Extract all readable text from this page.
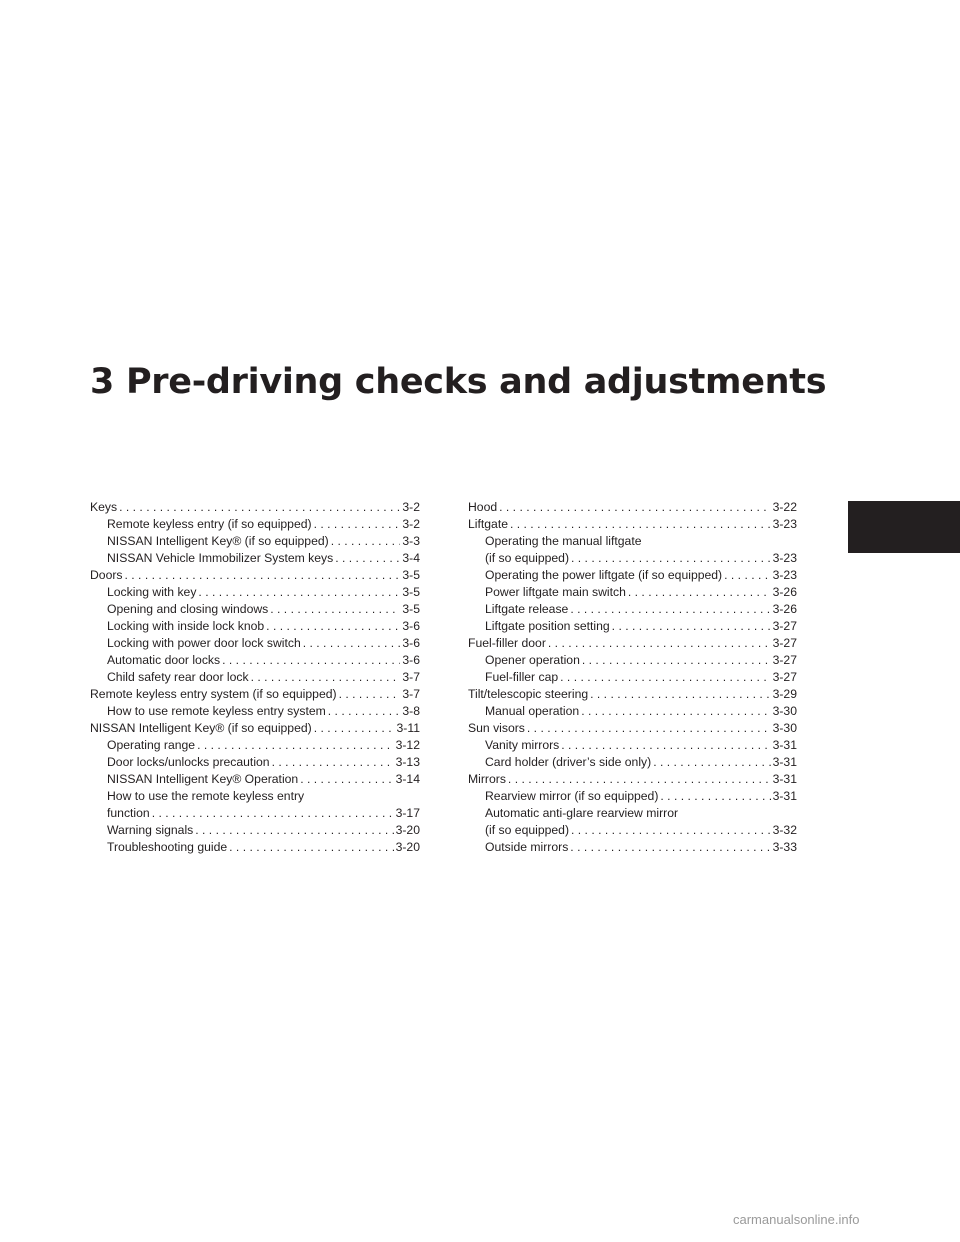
3 Pre-driving checks and adjustments
Keys . . .	3-2
Remote keyless entry (if so equipped) . . .	3-2
NISSAN Intelligent Key® (if so equipped) . . .	3-3
NISSAN Vehicle Immobilizer System keys . . .	3-4
Doors . . .	3-5
Locking with key . . .	3-5
Opening and closing windows . . .	3-5
Locking with inside lock knob . . .	3-6
Locking with power door lock switch . . .	3-6
Automatic door locks . . .	3-6
Child safety rear door lock . . .	3-7
Remote keyless entry system (if so equipped) . . .	3-7
How to use remote keyless entry system . . .	3-8
NISSAN Intelligent Key® (if so equipped) . . .	3-11
Operating range . . .	3-12
Door locks/unlocks precaution . . .	3-13
NISSAN Intelligent Key® Operation . . .	3-14
How to use the remote keyless entry
function . . .	3-17
Warning signals . . .	3-20
Troubleshooting guide . . .	3-20
Hood . . .	3-22
Liftgate . . .	3-23
Operating the manual liftgate
(if so equipped) . . .	3-23
Operating the power liftgate (if so equipped) . . .	3-23
Power liftgate main switch . . .	3-26
Liftgate release . . .	3-26
Liftgate position setting . . .	3-27
Fuel-filler door . . .	3-27
Opener operation . . .	3-27
Fuel-filler cap . . .	3-27
Tilt/telescopic steering . . .	3-29
Manual operation . . .	3-30
Sun visors . . .	3-30
Vanity mirrors . . .	3-31
Card holder (driver’s side only) . . .	3-31
Mirrors . . .	3-31
Rearview mirror (if so equipped) . . .	3-31
Automatic anti-glare rearview mirror
(if so equipped) . . .	3-32
Outside mirrors . . .	3-33
carmanualsonline.info
